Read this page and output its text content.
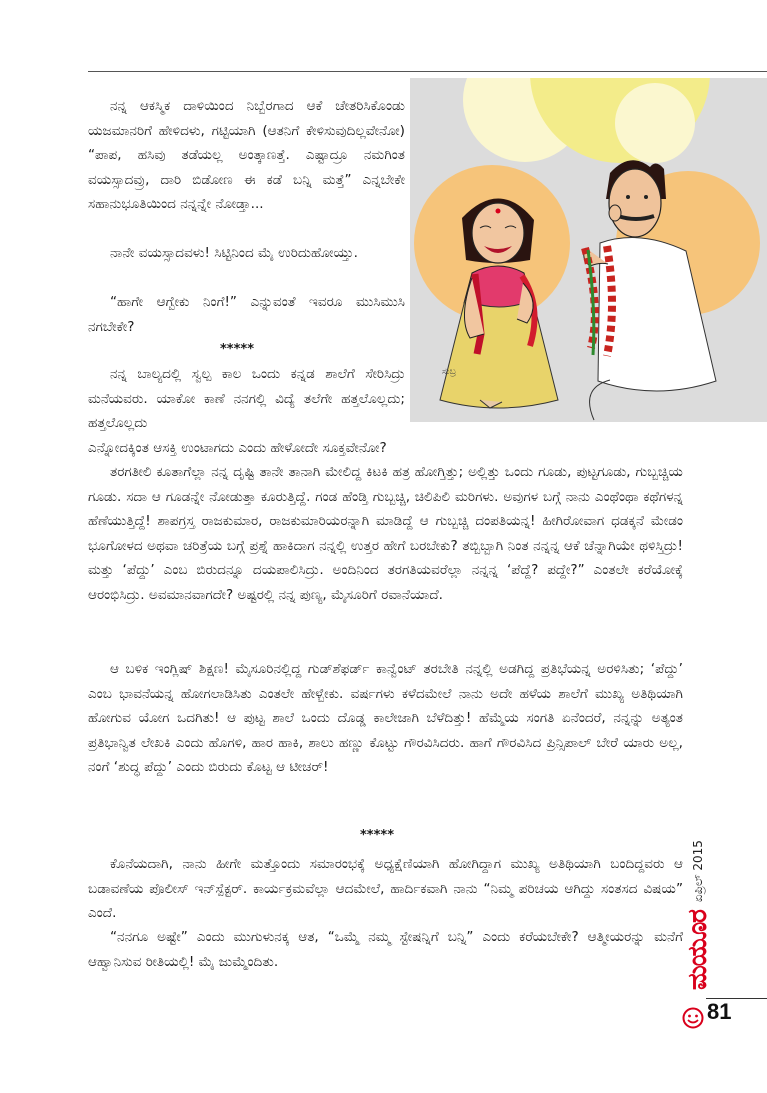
ಸುಬ್ರ

ನನ್ನ ಆಕಸ್ಮಿಕ ದಾಳಿಯಿಂದ ನಿಬ್ಬೆರಗಾದ ಆಕೆ ಚೇತರಿಸಿಕೊಂಡು ಯಜಮಾನರಿಗೆ ಹೇಳಿದಳು, ಗಟ್ಟಿಯಾಗಿ (ಆತನಿಗೆ ಕೇಳಿಸುವುದಿಲ್ಲವೇನೋ) “ಪಾಪ, ಹಸಿವು ತಡೆಯಲ್ಲ ಅಂತ್ಕಾಣತ್ತೆ. ಎಷ್ಟಾದ್ರೂ ನಮಗಿಂತ ವಯಸ್ಸಾದವ್ರು, ದಾರಿ ಬಿಡೋಣ ಈ ಕಡೆ ಬನ್ನಿ ಮತ್ತೆ” ಎನ್ನಬೇಕೇ ಸಹಾನುಭೂತಿಯಿಂದ ನನ್ನನ್ನೇ ನೋಡ್ತಾ...

ನಾನೇ ವಯಸ್ಸಾದವಳು! ಸಿಟ್ಟಿನಿಂದ ಮೈ ಉರಿದುಹೋಯ್ತು.

“ಹಾಗೇ ಆಗ್ಬೇಕು ನಿಂಗೆ!” ಎನ್ನುವಂತೆ ಇವರೂ ಮುಸಿಮುಸಿ ನಗಬೇಕೇ?

*****

ನನ್ನ ಬಾಲ್ಯದಲ್ಲಿ ಸ್ವಲ್ಪ ಕಾಲ ಒಂದು ಕನ್ನಡ ಶಾಲೆಗೆ ಸೇರಿಸಿದ್ರು ಮನೆಯವರು. ಯಾಕೋ ಕಾಣೆ ನನಗಲ್ಲಿ ವಿದ್ಯೆ ತಲೆಗೇ ಹತ್ತಲೊಲ್ಲದು; ಹತ್ತಲೊಲ್ಲದು

ಎನ್ನೋದಕ್ಕಿಂತ ಆಸಕ್ತಿ ಉಂಟಾಗದು ಎಂದು ಹೇಳೋದೇ ಸೂಕ್ತವೇನೋ?

ತರಗತೀಲಿ ಕೂತಾಗೆಲ್ಲಾ ನನ್ನ ದೃಷ್ಟಿ ತಾನೇ ತಾನಾಗಿ ಮೇಲಿದ್ದ ಕಿಟಕಿ ಹತ್ರ ಹೋಗ್ತಿತ್ತು; ಅಲ್ಲಿತ್ತು ಒಂದು ಗೂಡು, ಪುಟ್ಟಗೂಡು, ಗುಬ್ಬಚ್ಚಿಯ ಗೂಡು. ಸದಾ ಆ ಗೂಡನ್ನೇ ನೋಡುತ್ತಾ ಕೂರುತ್ತಿದ್ದೆ. ಗಂಡ ಹೆಂಡ್ತಿ ಗುಬ್ಬಚ್ಚಿ, ಚಿಲಿಪಿಲಿ ಮರಿಗಳು. ಅವುಗಳ ಬಗ್ಗೆ ನಾನು ಎಂಥೆಂಥಾ ಕಥೆಗಳನ್ನ ಹೆಣೆಯುತ್ತಿದ್ದೆ! ಶಾಪಗ್ರಸ್ತ ರಾಜಕುಮಾರ, ರಾಜಕುಮಾರಿಯರನ್ನಾಗಿ ಮಾಡಿದ್ದೆ ಆ ಗುಬ್ಬಚ್ಚಿ ದಂಪತಿಯನ್ನ! ಹೀಗಿರೋವಾಗ ಧಡಕ್ಕನೆ ಮೇಡಂ ಭೂಗೋಳದ ಅಥವಾ ಚರಿತ್ರೆಯ ಬಗ್ಗೆ ಪ್ರಶ್ನೆ ಹಾಕಿದಾಗ ನನ್ನಲ್ಲಿ ಉತ್ತರ ಹೇಗೆ ಬರಬೇಕು? ತಬ್ಬಿಬ್ಬಾಗಿ ನಿಂತ ನನ್ನನ್ನ ಆಕೆ ಚೆನ್ನಾಗಿಯೇ ಥಳಿಸ್ತಿದ್ರು! ಮತ್ತು ‘ಪೆದ್ದು’ ಎಂಬ ಬಿರುದನ್ನೂ ದಯಪಾಲಿಸಿದ್ರು. ಅಂದಿನಿಂದ ತರಗತಿಯವರೆಲ್ಲಾ ನನ್ನನ್ನ ‘ಪೆದ್ದೆ? ಪದ್ದೇ?” ಎಂತಲೇ ಕರೆಯೋಕ್ಕೆ ಆರಂಭಿಸಿದ್ರು. ಅವಮಾನವಾಗದೇ? ಅಷ್ಟರಲ್ಲಿ ನನ್ನ ಪುಣ್ಯ, ಮೈಸೂರಿಗೆ ರವಾನೆಯಾದೆ.

ಆ ಬಳಿಕ ಇಂಗ್ಲಿಷ್ ಶಿಕ್ಷಣ! ಮೈಸೂರಿನಲ್ಲಿದ್ದ ಗುಡ್‌ಶೆಫರ್ಡ್ ಕಾನ್ವೆಂಟ್ ತರಬೇತಿ ನನ್ನಲ್ಲಿ ಅಡಗಿದ್ದ ಪ್ರತಿಭೆಯನ್ನ ಅರಳಿಸಿತು; ‘ಪೆದ್ದು’ ಎಂಬ ಭಾವನೆಯನ್ನ ಹೋಗಲಾಡಿಸಿತು ಎಂತಲೇ ಹೇಳ್ಬೇಕು. ವರ್ಷಗಳು ಕಳೆದಮೇಲೆ ನಾನು ಅದೇ ಹಳೆಯ ಶಾಲೆಗೆ ಮುಖ್ಯ ಅತಿಥಿಯಾಗಿ ಹೋಗುವ ಯೋಗ ಒದಗಿತು! ಆ ಪುಟ್ಟ ಶಾಲೆ ಒಂದು ದೊಡ್ಡ ಕಾಲೇಜಾಗಿ ಬೆಳೆದಿತ್ತು! ಹೆಮ್ಮೆಯ ಸಂಗತಿ ಏನೆಂದರೆ, ನನ್ನನ್ನು ಅತ್ಯಂತ ಪ್ರತಿಭಾನ್ವಿತ ಲೇಖಕಿ ಎಂದು ಹೊಗಳಿ, ಹಾರ ಹಾಕಿ, ಶಾಲು ಹಣ್ಣು ಕೊಟ್ಟು ಗೌರವಿಸಿದರು. ಹಾಗೆ ಗೌರವಿಸಿದ ಪ್ರಿನ್ಸಿಪಾಲ್ ಬೇರೆ ಯಾರು ಅಲ್ಲ, ನಂಗೆ ‘ಶುದ್ಧ ಪೆದ್ದು’ ಎಂದು ಬಿರುದು ಕೊಟ್ಟ ಆ ಟೀಚರ್!

*****

ಕೊನೆಯದಾಗಿ, ನಾನು ಹೀಗೇ ಮತ್ತೊಂದು ಸಮಾರಂಭಕ್ಕೆ ಅಧ್ಯಕ್ಷೆಣಿಯಾಗಿ ಹೋಗಿದ್ದಾಗ ಮುಖ್ಯ ಅತಿಥಿಯಾಗಿ ಬಂದಿದ್ದವರು ಆ ಬಡಾವಣೆಯ ಪೊಲೀಸ್ ಇನ್‌ಸ್ಪೆಕ್ಟರ್. ಕಾರ್ಯಕ್ರಮವೆಲ್ಲಾ ಆದಮೇಲೆ, ಹಾರ್ದಿಕವಾಗಿ ನಾನು “ನಿಮ್ಮ ಪರಿಚಯ ಆಗಿದ್ದು ಸಂತಸದ ವಿಷಯ” ಎಂದೆ.

“ನನಗೂ ಅಷ್ಟೇ” ಎಂದು ಮುಗುಳುನಕ್ಕ ಆತ, “ಒಮ್ಮೆ ನಮ್ಮ ಸ್ಟೇಷನ್ನಿಗೆ ಬನ್ನಿ” ಎಂದು ಕರೆಯಬೇಕೇ? ಆತ್ಮೀಯರನ್ನು ಮನೆಗೆ ಆಹ್ವಾನಿಸುವ ರೀತಿಯಲ್ಲಿ! ಮೈ ಜುಮ್ಮೆಂದಿತು.	ಮಯೂರ
ಏಪ್ರಿಲ್ 2015
81
